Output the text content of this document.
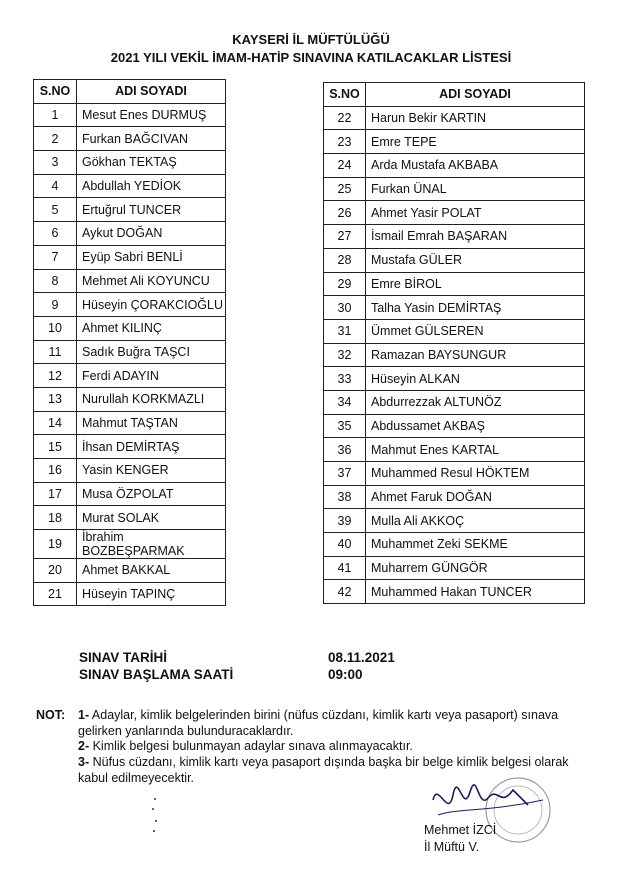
KAYSERİ İL MÜFTÜLÜĞÜ
2021 YILI VEKİL İMAM-HATİP SINAVINA KATILACAKLAR LİSTESİ
S.NO	ADI SOYADI
1	Mesut Enes DURMUŞ
2	Furkan BAĞCIVAN
3	Gökhan TEKTAŞ
4	Abdullah YEDİOK
5	Ertuğrul TUNCER
6	Aykut DOĞAN
7	Eyüp Sabri BENLİ
8	Mehmet Ali KOYUNCU
9	Hüseyin ÇORAKCIOĞLU
10	Ahmet KILINÇ
11	Sadık Buğra TAŞCI
12	Ferdi ADAYIN
13	Nurullah KORKMAZLI
14	Mahmut TAŞTAN
15	İhsan DEMİRTAŞ
16	Yasin KENGER
17	Musa ÖZPOLAT
18	Murat SOLAK
19	İbrahim BOZBEŞPARMAK
20	Ahmet BAKKAL
21	Hüseyin TAPINÇ
S.NO	ADI SOYADI
22	Harun Bekir KARTIN
23	Emre TEPE
24	Arda Mustafa AKBABA
25	Furkan ÜNAL
26	Ahmet Yasir POLAT
27	İsmail Emrah BAŞARAN
28	Mustafa GÜLER
29	Emre BİROL
30	Talha Yasin DEMİRTAŞ
31	Ümmet GÜLSEREN
32	Ramazan BAYSUNGUR
33	Hüseyin ALKAN
34	Abdurrezzak ALTUNÖZ
35	Abdussamet AKBAŞ
36	Mahmut Enes KARTAL
37	Muhammed Resul HÖKTEM
38	Ahmet Faruk DOĞAN
39	Mulla Ali AKKOÇ
40	Muhammet Zeki SEKME
41	Muharrem GÜNGÖR
42	Muhammed Hakan TUNCER
SINAV TARİHİ	08.11.2021
SINAV BAŞLAMA SAATİ	09:00
NOT: 1- Adaylar, kimlik belgelerinden birini (nüfus cüzdanı, kimlik kartı veya pasaport) sınava gelirken yanlarında bulunduracaklardır.
2- Kimlik belgesi bulunmayan adaylar sınava alınmayacaktır.
3- Nüfus cüzdanı, kimlik kartı veya pasaport dışında başka bir belge kimlik belgesi olarak kabul edilmeyecektir.
Mehmet İZCİ
İl Müftü V.
